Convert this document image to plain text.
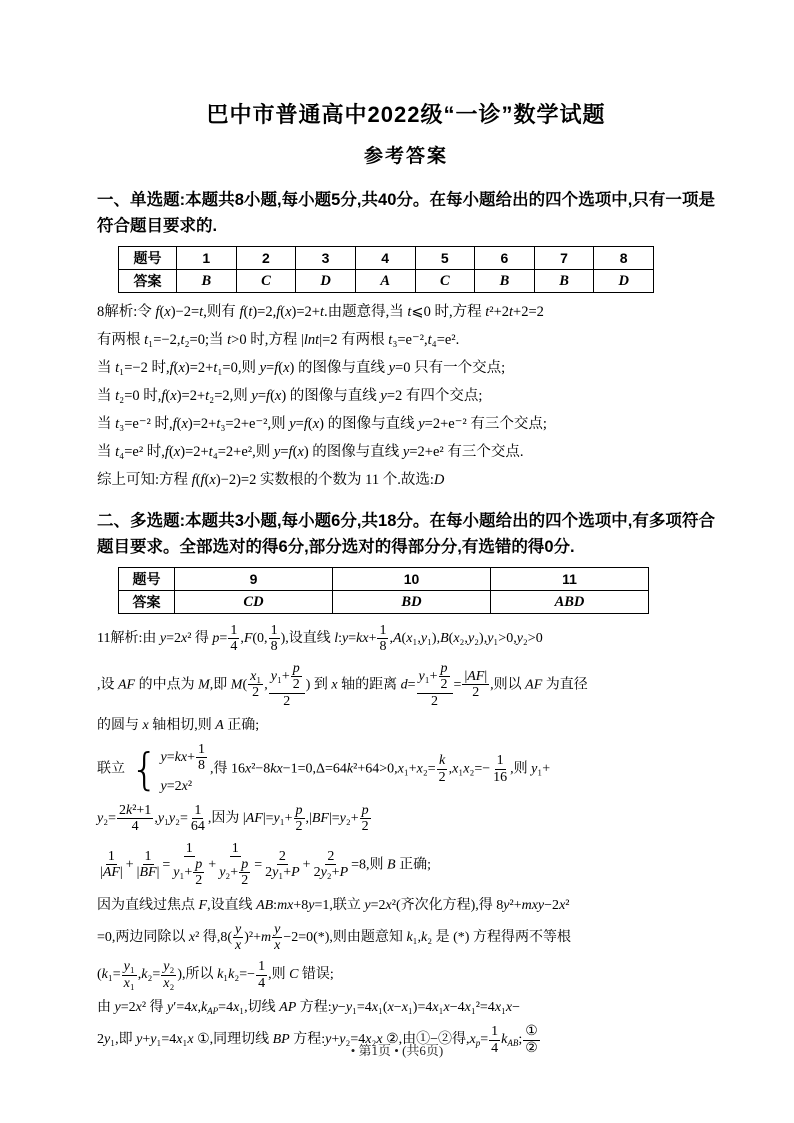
巴中市普通高中2022级“一诊”数学试题
参考答案

一、单选题:本题共8小题,每小题5分,共40分。在每小题给出的四个选项中,只有一项是符合题目要求的.

题号	1	2	3	4	5	6	7	8
答案	B	C	D	A	C	B	B	D
8解析:令 f(x)−2=t,则有 f(t)=2,f(x)=2+t.由题意得,当 t⩽0 时,方程 t²+2t+2=2
有两根 t₁=−2,t₂=0;当 t>0 时,方程 |lnt|=2 有两根 t₃=e⁻²,t₄=e².
当 t₁=−2 时,f(x)=2+t₁=0,则 y=f(x) 的图像与直线 y=0 只有一个交点;
当 t₂=0 时,f(x)=2+t₂=2,则 y=f(x) 的图像与直线 y=2 有四个交点;
当 t₃=e⁻² 时,f(x)=2+t₃=2+e⁻²,则 y=f(x) 的图像与直线 y=2+e⁻² 有三个交点;
当 t₄=e² 时,f(x)=2+t₄=2+e²,则 y=f(x) 的图像与直线 y=2+e² 有三个交点.
综上可知:方程 f(f(x)−2)=2 实数根的个数为 11 个.故选:D

二、多选题:本题共3小题,每小题6分,共18分。在每小题给出的四个选项中,有多项符合题目要求。全部选对的得6分,部分选对的得部分分,有选错的得0分.

题号	9	10	11
答案	CD	BD	ABD
11解析:由 y=2x² 得 $p= \frac{1}{4} ,F(0$, $\frac{1}{8}$ ),设直线 l:y=kx+ $\frac{1}{8} ,A(x_1,y_1),B(x_2,y_2),y_1>0,y_2>0$
,设 AF 的中点为 M,即 $M( \frac{\text{x₁}}{2}$ , $\frac{y_1+ \frac{p}{2}}{2}$ ) 到 x 轴的距离 $d= \frac{y_1+ \frac{p}{2}}{2} = \frac{|AF|}{2}$ ,则以 AF 为直径
的圆与 x 轴相切,则 A 正确;
联立 { $y=kx+ \frac{1}{8}$
y=2x²
,得 $16x^2-8kx-1=0,\Delta=64k^2+64>0,x_1+x_2= \frac{k}{2} ,x_1x_2=- \frac{1}{16}$ ,则 y₁+
$y_2= \frac{\text{2k²+1}}{4} ,y_1y_2= \frac{1}{64}$ ,因为 $|AF|=y_1+ \frac{p}{2} ,|BF|=y_2+ \frac{p}{2}$
$\frac{1}{|AF|} + \frac{1}{|BF|} = \frac{1}{y_1+ \frac{p}{2}} + \frac{1}{y_2+ \frac{p}{2}} = \frac{2}{\text{2y₁+P}} + \frac{2}{\text{2y₂+P}} =8$,则 B 正确;
因为直线过焦点 F,设直线 AB:mx+8y=1,联立 y=2x²(齐次化方程),得 8y²+mxy−2x²
=0,两边同除以 x² 得$,8( \frac{y}{x} )^2+m \frac{y}{x} -2=0(*)$,则由题意知 k₁,k₂ 是 (*) 方程得两不等根
($k_1= \frac{\text{y₁}}{\text{x₁}} ,k_2= \frac{\text{y₂}}{\text{x₂}}$ ),所以 $k_1k_2=- \frac{1}{4}$ ,则 C 错误;
由 y=2x² 得 $y'=4x,k_{AP}=4x_1$,切线 AP 方程:y−y₁=4x₁(x−x₁)=4x₁x−4x₁²=4x₁x−
2y₁,即 y+y₁=4x₁x ①,同理切线 BP 方程:y+y₂=4x₂x ②,由①−②得$,x_p= \frac{1}{4} k_{AB}$; $\frac{\text{①}}{\text{②}}$
• 第1页 • (共6页)
